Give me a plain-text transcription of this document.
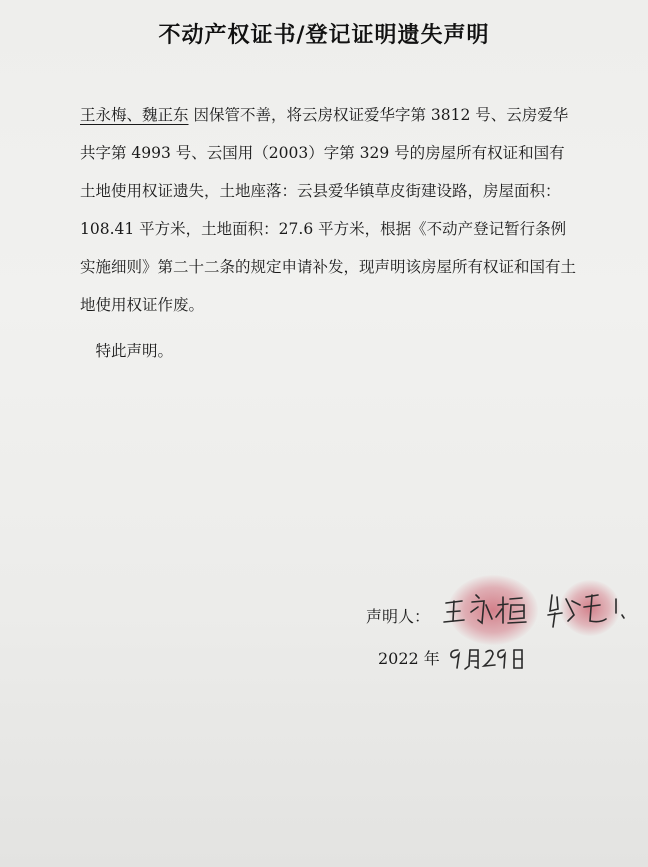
不动产权证书/登记证明遗失声明

王永梅、魏正东 因保管不善，将云房权证爱华字第 3812 号、云房爱华共字第 4993 号、云国用（2003）字第 329 号的房屋所有权证和国有土地使用权证遗失，土地座落：云县爱华镇草皮街建设路，房屋面积：108.41 平方米，土地面积：27.6 平方米，根据《不动产登记暂行条例实施细则》第二十二条的规定申请补发，现声明该房屋所有权证和国有土地使用权证作废。

 特此声明。

声明人：
2022 年
